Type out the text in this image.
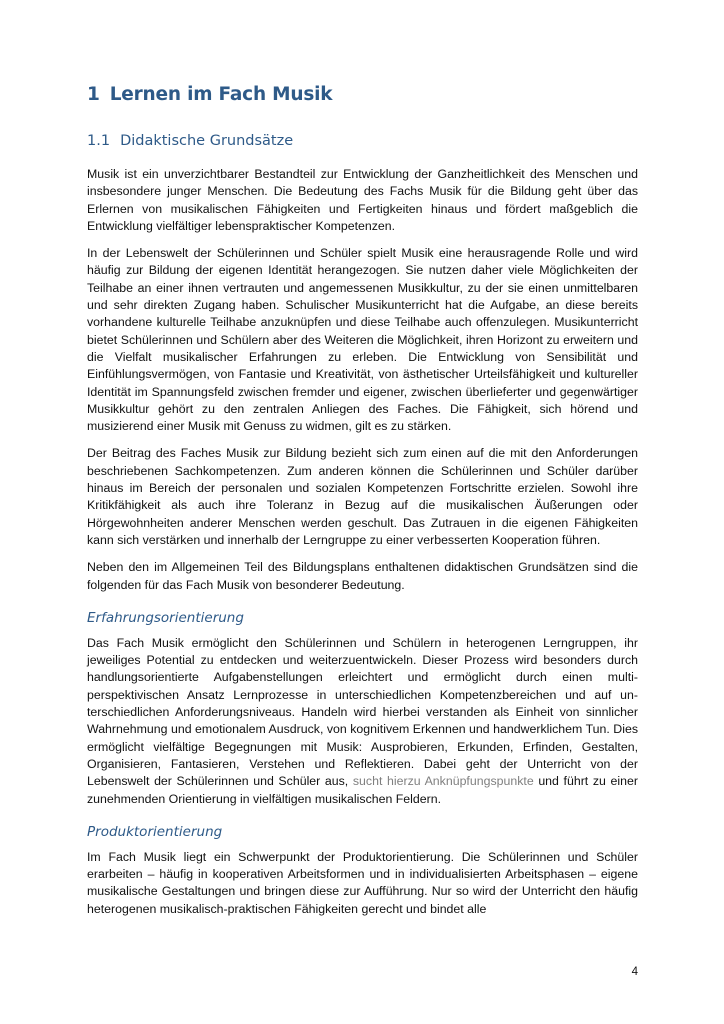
1 Lernen im Fach Musik
1.1 Didaktische Grundsätze

Musik ist ein unverzichtbarer Bestandteil zur Entwicklung der Ganzheitlichkeit des Menschen und insbesondere junger Menschen. Die Bedeutung des Fachs Musik für die Bildung geht über das Erlernen von musikalischen Fähigkeiten und Fertigkeiten hinaus und fördert maßgeblich die Entwicklung vielfältiger lebenspraktischer Kompetenzen.

In der Lebenswelt der Schülerinnen und Schüler spielt Musik eine herausragende Rolle und wird häufig zur Bildung der eigenen Identität herangezogen. Sie nutzen daher viele Möglichkeiten der Teilhabe an einer ihnen vertrauten und angemessenen Musikkultur, zu der sie einen unmittelbaren und sehr direkten Zugang haben. Schulischer Musikunterricht hat die Aufgabe, an diese bereits vorhandene kulturelle Teilhabe anzuknüpfen und diese Teilhabe auch offenzulegen. Musikunterricht bietet Schülerinnen und Schülern aber des Weiteren die Möglichkeit, ihren Horizont zu erweitern und die Vielfalt musikalischer Erfahrungen zu erleben. Die Entwicklung von Sensibilität und Einfühlungsvermögen, von Fantasie und Kreativität, von ästhetischer Urteilsfähigkeit und kultureller Identität im Spannungsfeld zwischen fremder und eigener, zwischen überlieferter und gegenwärtiger Musikkultur gehört zu den zentralen Anliegen des Faches. Die Fähigkeit, sich hörend und musizierend einer Musik mit Genuss zu widmen, gilt es zu stärken.

Der Beitrag des Faches Musik zur Bildung bezieht sich zum einen auf die mit den Anforderungen beschriebenen Sachkompetenzen. Zum anderen können die Schülerinnen und Schüler darüber hinaus im Bereich der personalen und sozialen Kompetenzen Fortschritte erzielen. Sowohl ihre Kritikfähigkeit als auch ihre Toleranz in Bezug auf die musikalischen Äußerungen oder Hörgewohnheiten anderer Menschen werden geschult. Das Zutrauen in die eigenen Fähigkeiten kann sich verstärken und innerhalb der Lerngruppe zu einer verbesserten Kooperation führen.

Neben den im Allgemeinen Teil des Bildungsplans enthaltenen didaktischen Grundsätzen sind die folgenden für das Fach Musik von besonderer Bedeutung.

Erfahrungsorientierung

Das Fach Musik ermöglicht den Schülerinnen und Schülern in heterogenen Lerngruppen, ihr jeweiliges Potential zu entdecken und weiterzuentwickeln. Dieser Prozess wird besonders durch handlungsorientierte Aufgabenstellungen erleichtert und ermöglicht durch einen multiperspektivischen Ansatz Lernprozesse in unterschiedlichen Kompetenzbereichen und auf unterschiedlichen Anforderungsniveaus. Handeln wird hierbei verstanden als Einheit von sinnlicher Wahrnehmung und emotionalem Ausdruck, von kognitivem Erkennen und handwerklichem Tun. Dies ermöglicht vielfältige Begegnungen mit Musik: Ausprobieren, Erkunden, Erfinden, Gestalten, Organisieren, Fantasieren, Verstehen und Reflektieren. Dabei geht der Unterricht von der Lebenswelt der Schülerinnen und Schüler aus, sucht hierzu Anknüpfungspunkte und führt zu einer zunehmenden Orientierung in vielfältigen musikalischen Feldern.

Produktorientierung

Im Fach Musik liegt ein Schwerpunkt der Produktorientierung. Die Schülerinnen und Schüler erarbeiten – häufig in kooperativen Arbeitsformen und in individualisierten Arbeitsphasen – eigene musikalische Gestaltungen und bringen diese zur Aufführung. Nur so wird der Unterricht den häufig heterogenen musikalisch-praktischen Fähigkeiten gerecht und bindet alle

4
